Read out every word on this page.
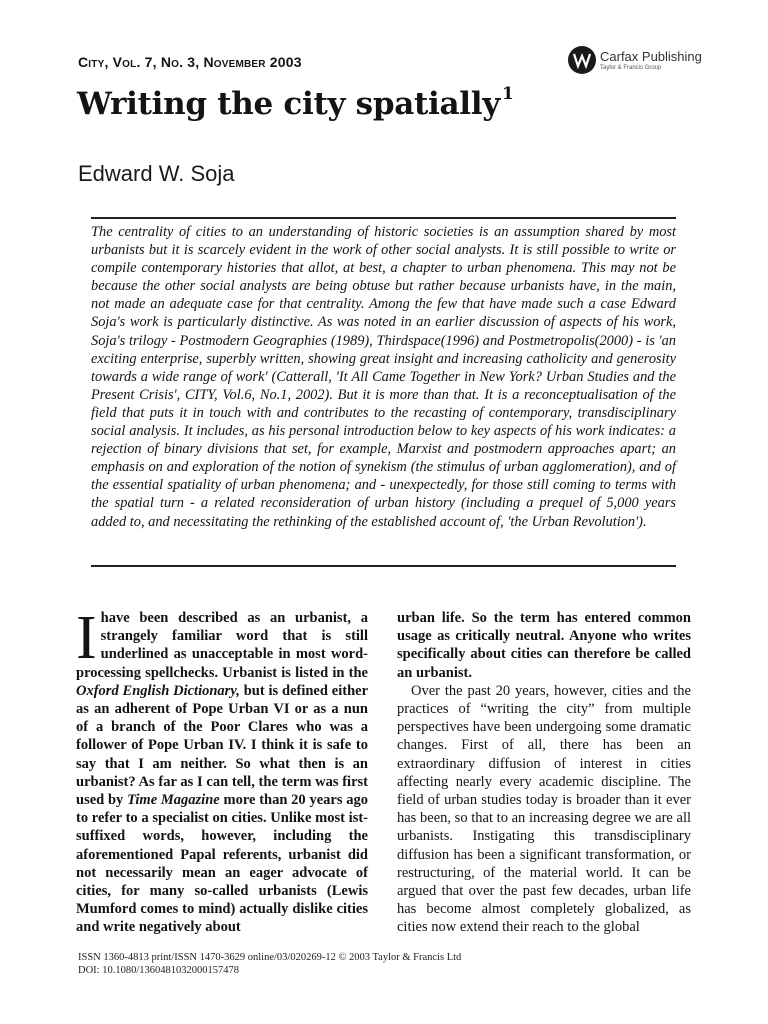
City, Vol. 7, No. 3, November 2003	Carfax Publishing
Taylor & Francis Group
Writing the city spatially $^1$
Edward W. Soja

The centrality of cities to an understanding of historic societies is an assumption shared by most urbanists but it is scarcely evident in the work of other social analysts. It is still possible to write or compile contemporary histories that allot, at best, a chapter to urban phenomena. This may not be because the other social analysts are being obtuse but rather because urbanists have, in the main, not made an adequate case for that centrality. Among the few that have made such a case Edward Soja's work is particularly distinctive. As was noted in an earlier discussion of aspects of his work, Soja's trilogy - Postmodern Geographies (1989), Thirdspace(1996) and Postmetropolis(2000) - is 'an exciting enterprise, superbly written, showing great insight and increasing catholicity and generosity towards a wide range of work' (Catterall, 'It All Came Together in New York? Urban Studies and the Present Crisis', CITY, Vol.6, No.1, 2002). But it is more than that. It is a reconceptualisation of the field that puts it in touch with and contributes to the recasting of contemporary, transdisciplinary social analysis. It includes, as his personal introduction below to key aspects of his work indicates: a rejection of binary divisions that set, for example, Marxist and postmodern approaches apart; an emphasis on and exploration of the notion of synekism (the stimulus of urban agglomeration), and of the essential spatiality of urban phenomena; and - unexpectedly, for those still coming to terms with the spatial turn - a related reconsideration of urban history (including a prequel of 5,000 years added to, and necessitating the rethinking of the established account of, 'the Urban Revolution').

Ihave been described as an urbanist, a strangely familiar word that is still underlined as unacceptable in most word-processing spellchecks. Urbanist is listed in the Oxford English Dictionary, but is defined either as an adherent of Pope Urban VI or as a nun of a branch of the Poor Clares who was a follower of Pope Urban IV. I think it is safe to say that I am neither. So what then is an urbanist? As far as I can tell, the term was first used by Time Magazine more than 20 years ago to refer to a specialist on cities. Unlike most ist-suffixed words, however, including the aforementioned Papal referents, urbanist did not necessarily mean an eager advocate of cities, for many so-called urbanists (Lewis Mumford comes to mind) actually dislike cities and write negatively about

urban life. So the term has entered common usage as critically neutral. Anyone who writes specifically about cities can therefore be called an urbanist.
Over the past 20 years, however, cities and the practices of “writing the city” from multiple perspectives have been undergoing some dramatic changes. First of all, there has been an extraordinary diffusion of interest in cities affecting nearly every academic discipline. The field of urban studies today is broader than it ever has been, so that to an increasing degree we are all urbanists. Instigating this transdisciplinary diffusion has been a significant transformation, or restructuring, of the material world. It can be argued that over the past few decades, urban life has become almost completely globalized, as cities now extend their reach to the global

ISSN 1360-4813 print/ISSN 1470-3629 online/03/020269-12 © 2003 Taylor & Francis Ltd
DOI: 10.1080/1360481032000157478
